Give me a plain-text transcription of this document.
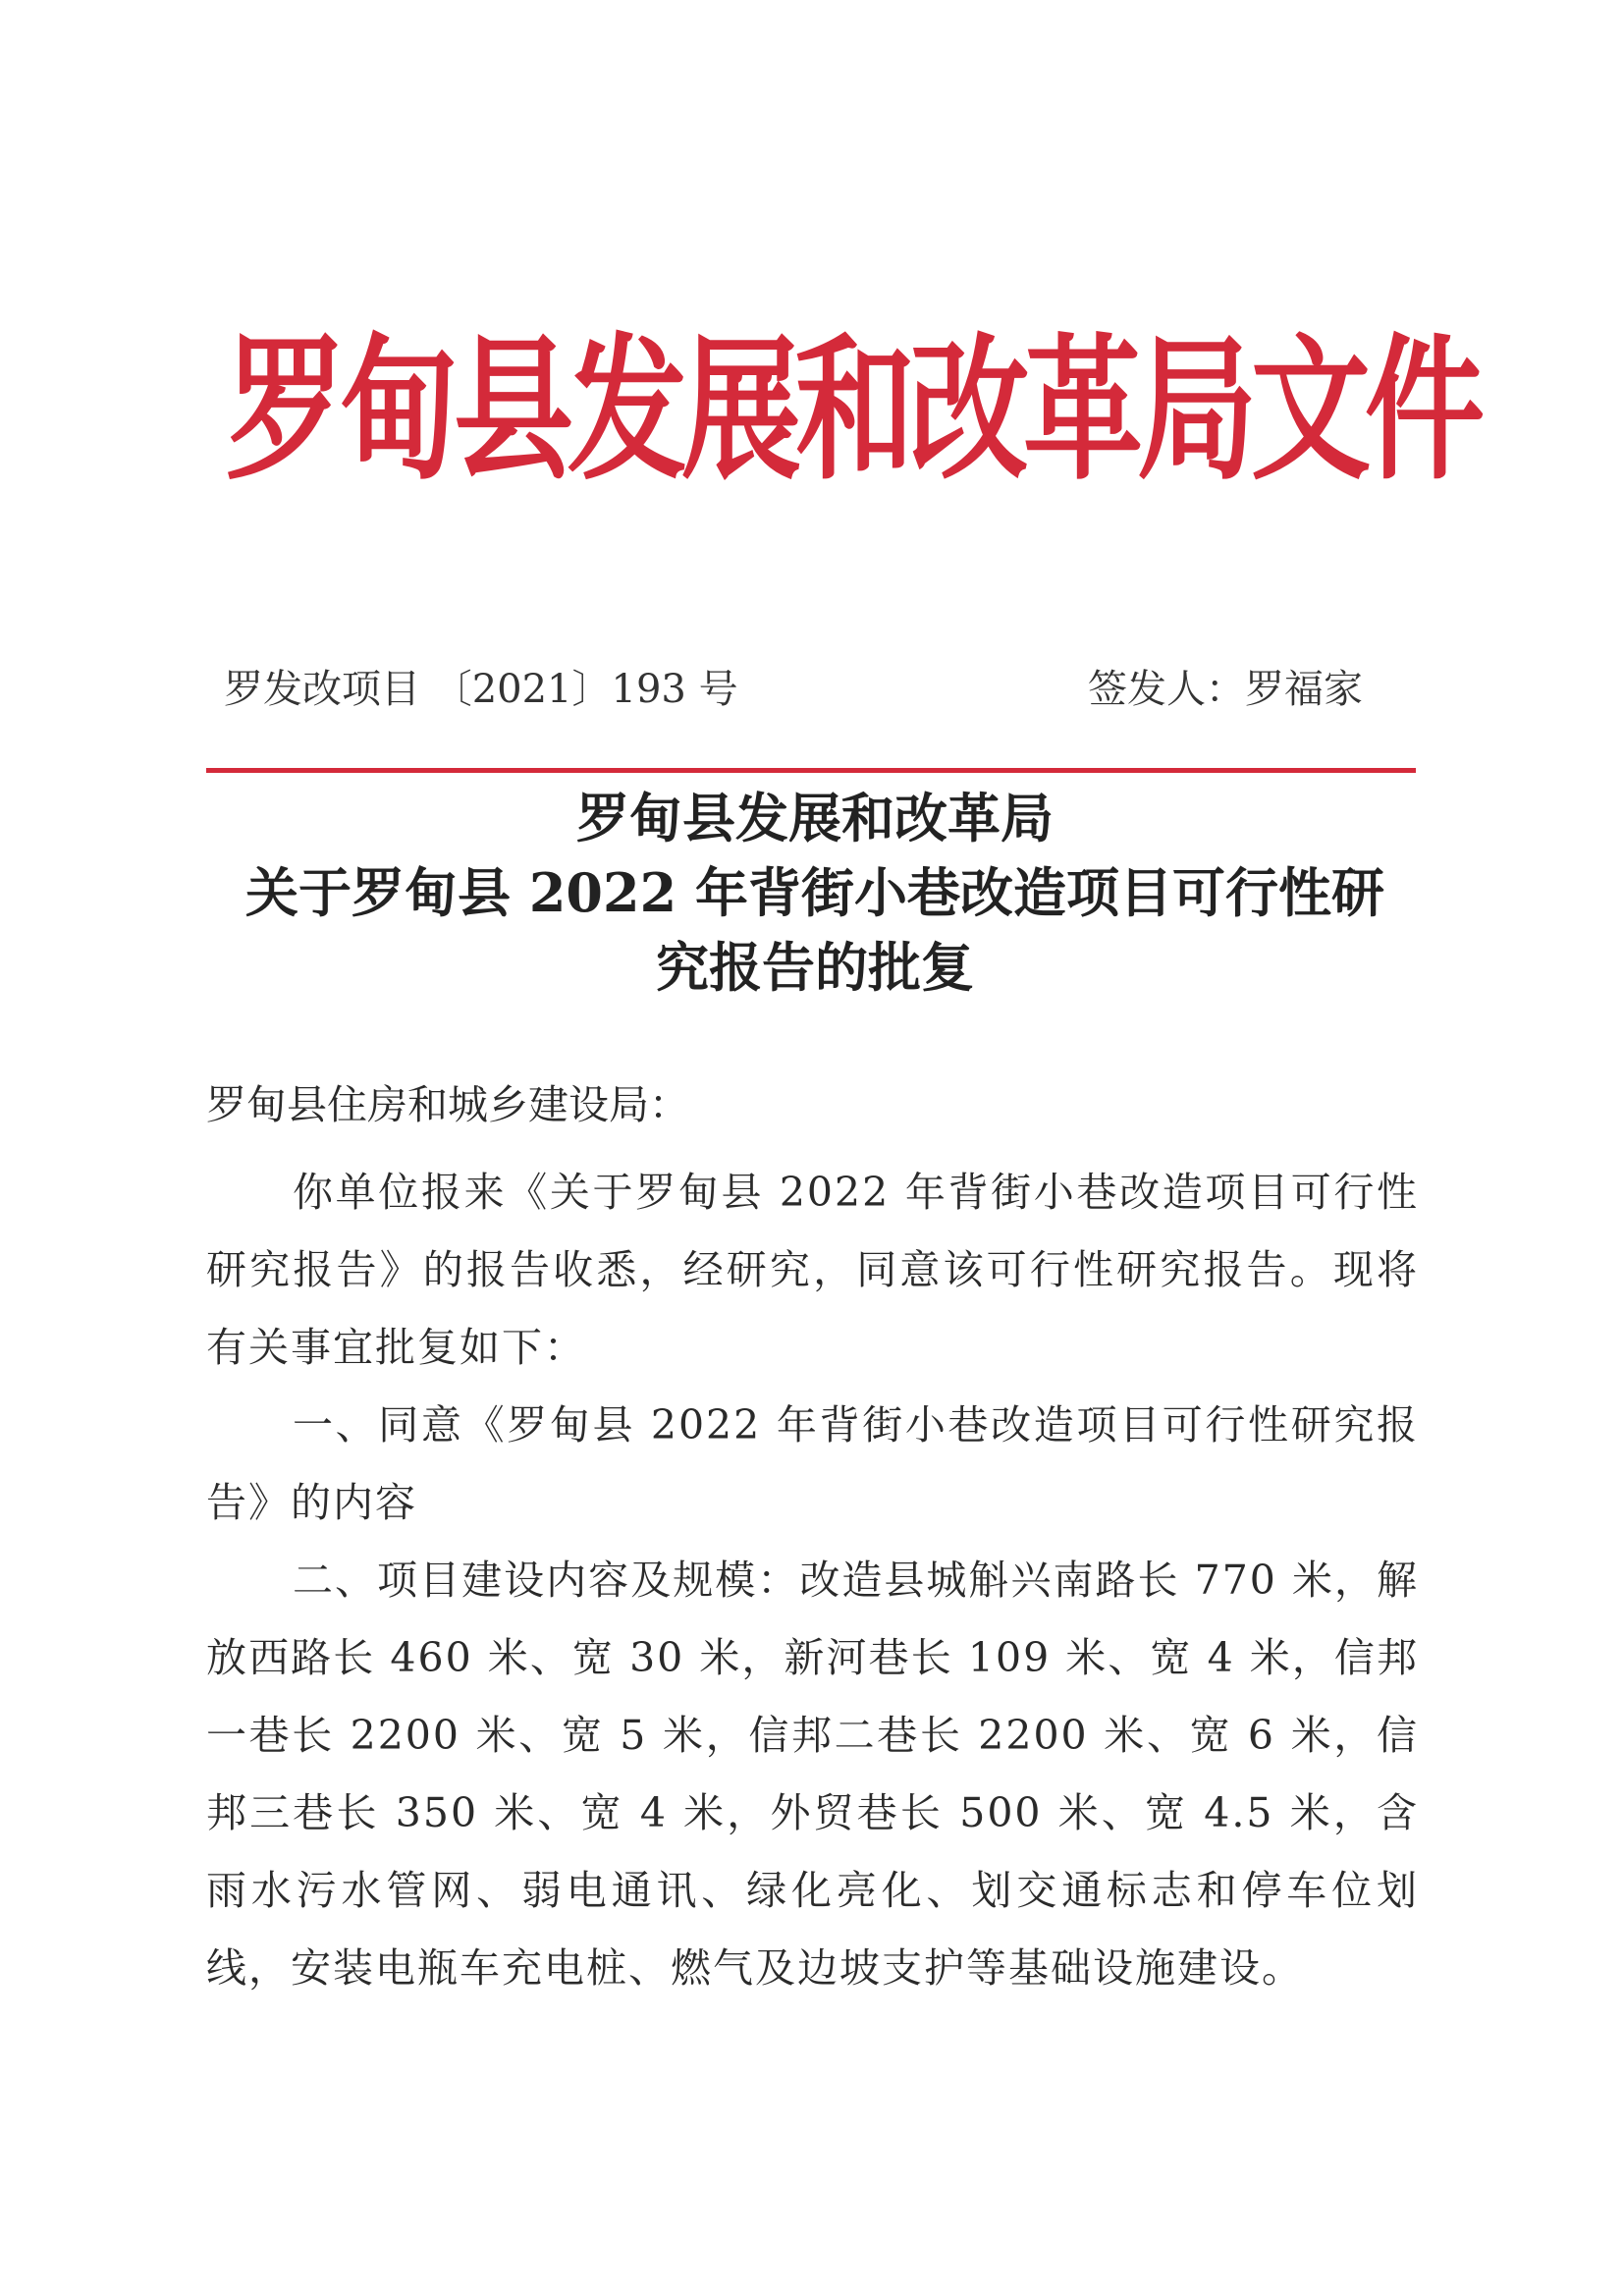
罗甸县发展和改革局文件
罗发改项目 〔2021〕193 号	签发人：罗福家
罗甸县发展和改革局
关于罗甸县 2022 年背街小巷改造项目可行性研
究报告的批复
罗甸县住房和城乡建设局：

你单位报来《关于罗甸县 2022 年背街小巷改造项目可行性研究报告》的报告收悉，经研究，同意该可行性研究报告。现将有关事宜批复如下：

一、同意《罗甸县 2022 年背街小巷改造项目可行性研究报告》的内容

二、项目建设内容及规模：改造县城斛兴南路长 770 米，解放西路长 460 米、宽 30 米，新河巷长 109 米、宽 4 米，信邦一巷长 2200 米、宽 5 米，信邦二巷长 2200 米、宽 6 米，信邦三巷长 350 米、宽 4 米，外贸巷长 500 米、宽 4.5 米，含雨水污水管网、弱电通讯、绿化亮化、划交通标志和停车位划线，安装电瓶车充电桩、燃气及边坡支护等基础设施建设。
